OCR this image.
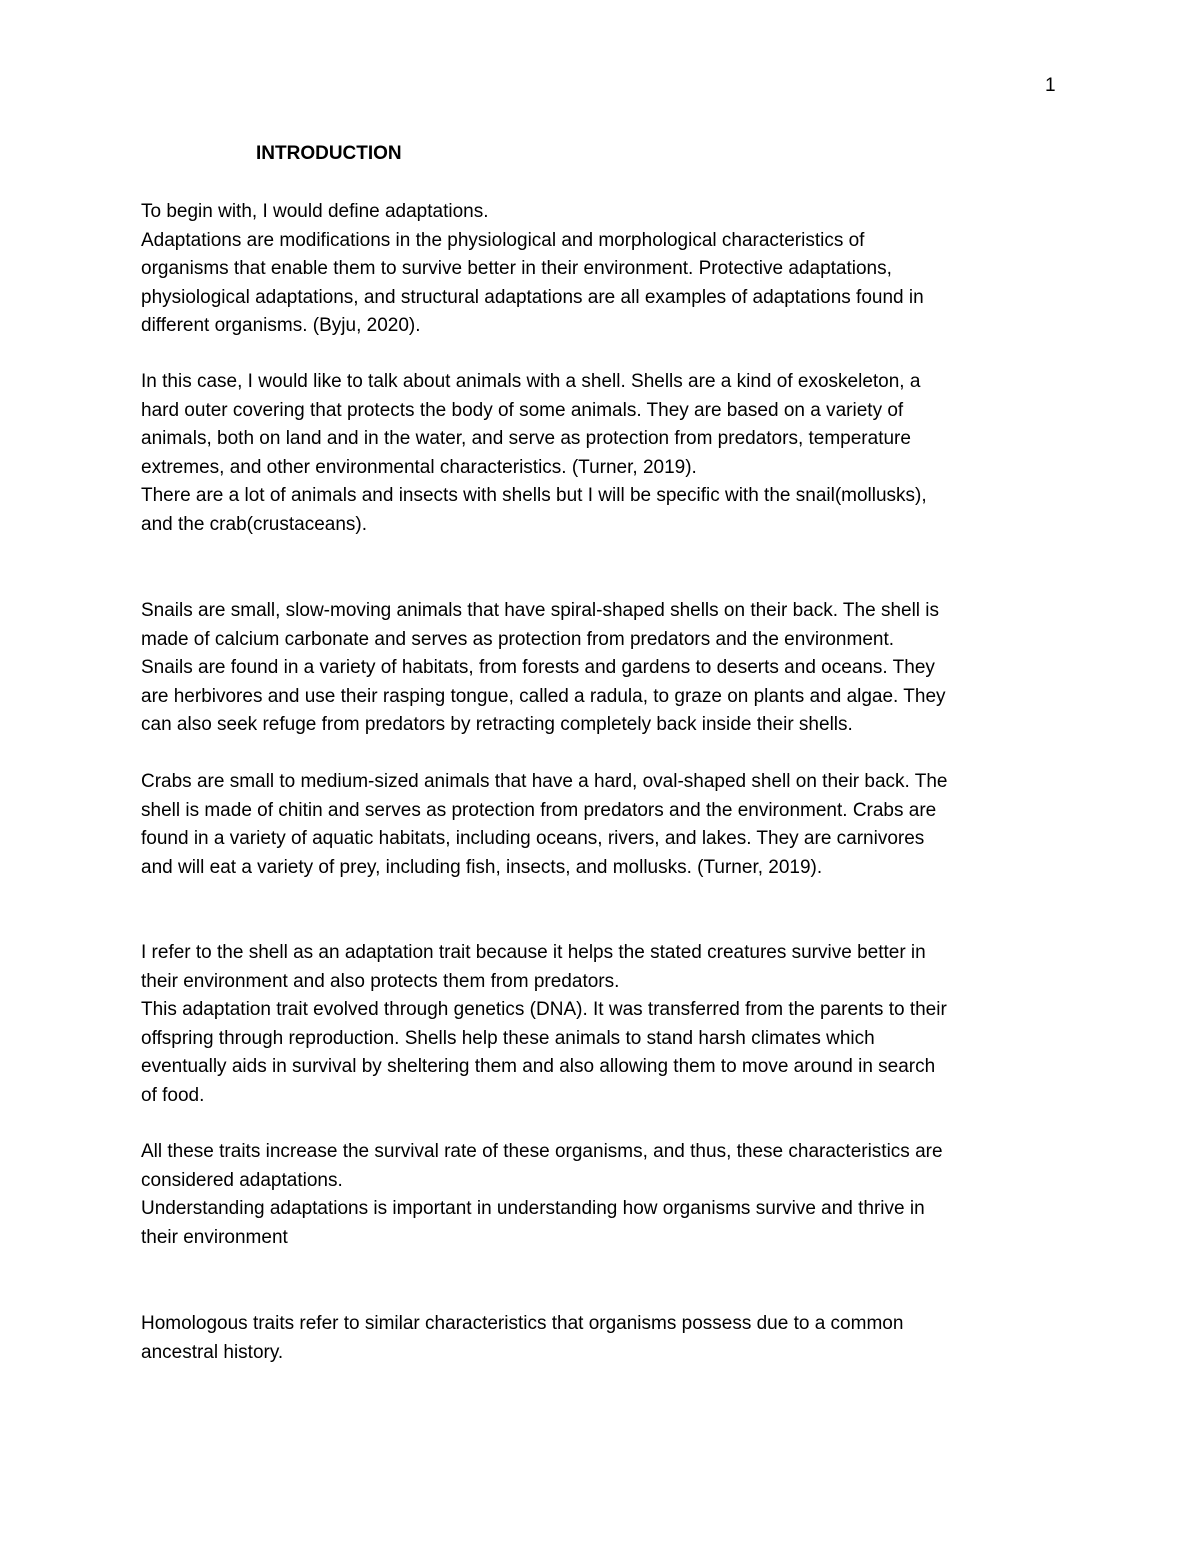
1
INTRODUCTION

To begin with, I would define adaptations.
Adaptations are modifications in the physiological and morphological characteristics of
organisms that enable them to survive better in their environment. Protective adaptations,
physiological adaptations, and structural adaptations are all examples of adaptations found in
different organisms. (Byju, 2020).

In this case, I would like to talk about animals with a shell. Shells are a kind of exoskeleton, a
hard outer covering that protects the body of some animals. They are based on a variety of
animals, both on land and in the water, and serve as protection from predators, temperature
extremes, and other environmental characteristics. (Turner, 2019).
There are a lot of animals and insects with shells but I will be specific with the snail(mollusks),
and the crab(crustaceans).

Snails are small, slow-moving animals that have spiral-shaped shells on their back. The shell is
made of calcium carbonate and serves as protection from predators and the environment.
Snails are found in a variety of habitats, from forests and gardens to deserts and oceans. They
are herbivores and use their rasping tongue, called a radula, to graze on plants and algae. They
can also seek refuge from predators by retracting completely back inside their shells.

Crabs are small to medium-sized animals that have a hard, oval-shaped shell on their back. The
shell is made of chitin and serves as protection from predators and the environment. Crabs are
found in a variety of aquatic habitats, including oceans, rivers, and lakes. They are carnivores
and will eat a variety of prey, including fish, insects, and mollusks. (Turner, 2019).

I refer to the shell as an adaptation trait because it helps the stated creatures survive better in
their environment and also protects them from predators.
This adaptation trait evolved through genetics (DNA). It was transferred from the parents to their
offspring through reproduction. Shells help these animals to stand harsh climates which
eventually aids in survival by sheltering them and also allowing them to move around in search
of food.

All these traits increase the survival rate of these organisms, and thus, these characteristics are
considered adaptations.
Understanding adaptations is important in understanding how organisms survive and thrive in
their environment

Homologous traits refer to similar characteristics that organisms possess due to a common
ancestral history.
